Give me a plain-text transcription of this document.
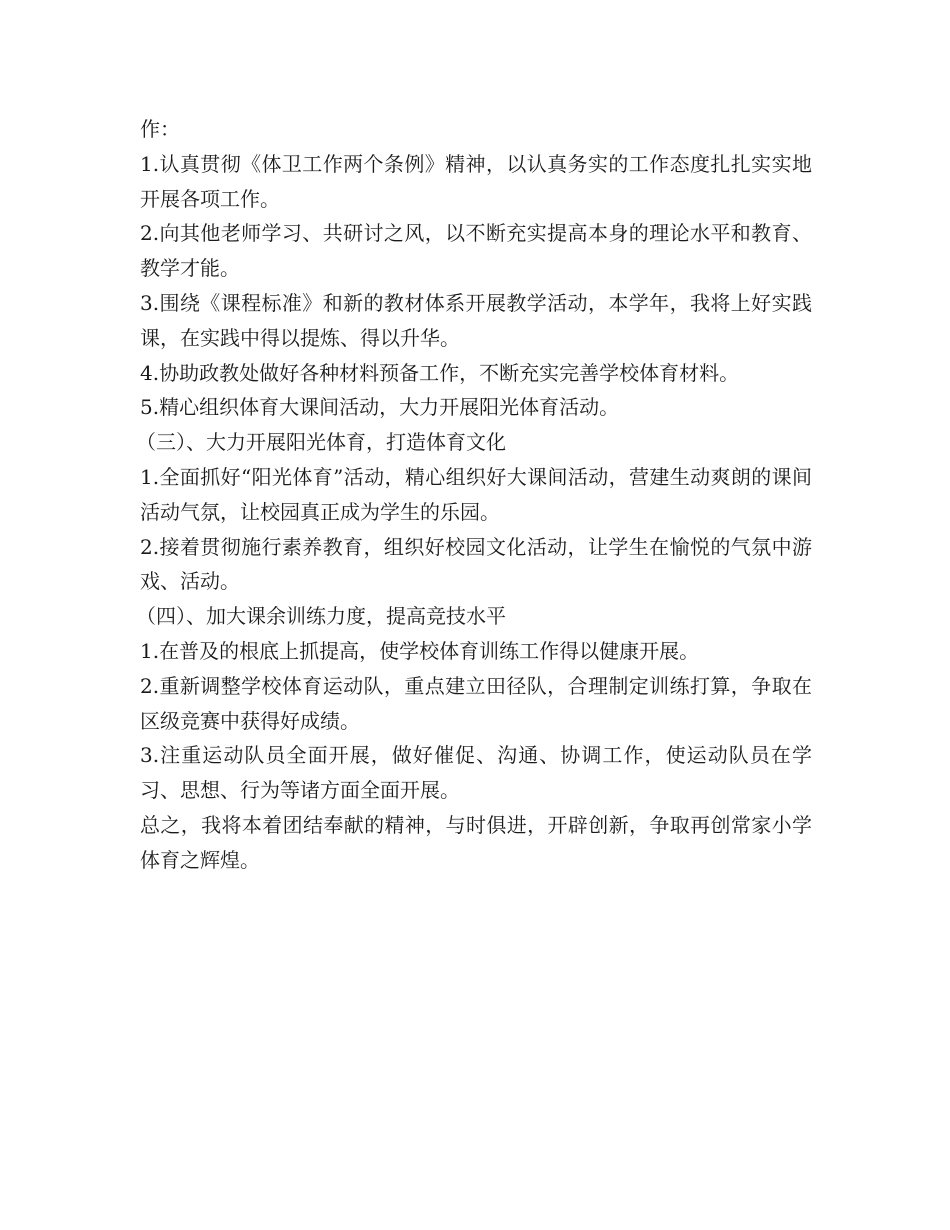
作：

1.认真贯彻《体卫工作两个条例》精神，以认真务实的工作态度扎扎实实地开展各项工作。

2.向其他老师学习、共研讨之风，以不断充实提高本身的理论水平和教育、教学才能。

3.围绕《课程标准》和新的教材体系开展教学活动，本学年，我将上好实践课，在实践中得以提炼、得以升华。

4.协助政教处做好各种材料预备工作，不断充实完善学校体育材料。

5.精心组织体育大课间活动，大力开展阳光体育活动。

（三）、大力开展阳光体育，打造体育文化

1.全面抓好“阳光体育”活动，精心组织好大课间活动，营建生动爽朗的课间活动气氛，让校园真正成为学生的乐园。

2.接着贯彻施行素养教育，组织好校园文化活动，让学生在愉悦的气氛中游戏、活动。

（四）、加大课余训练力度，提高竞技水平

1.在普及的根底上抓提高，使学校体育训练工作得以健康开展。

2.重新调整学校体育运动队，重点建立田径队，合理制定训练打算，争取在区级竞赛中获得好成绩。

3.注重运动队员全面开展，做好催促、沟通、协调工作，使运动队员在学习、思想、行为等诸方面全面开展。

总之，我将本着团结奉献的精神，与时俱进，开辟创新，争取再创常家小学体育之辉煌。
